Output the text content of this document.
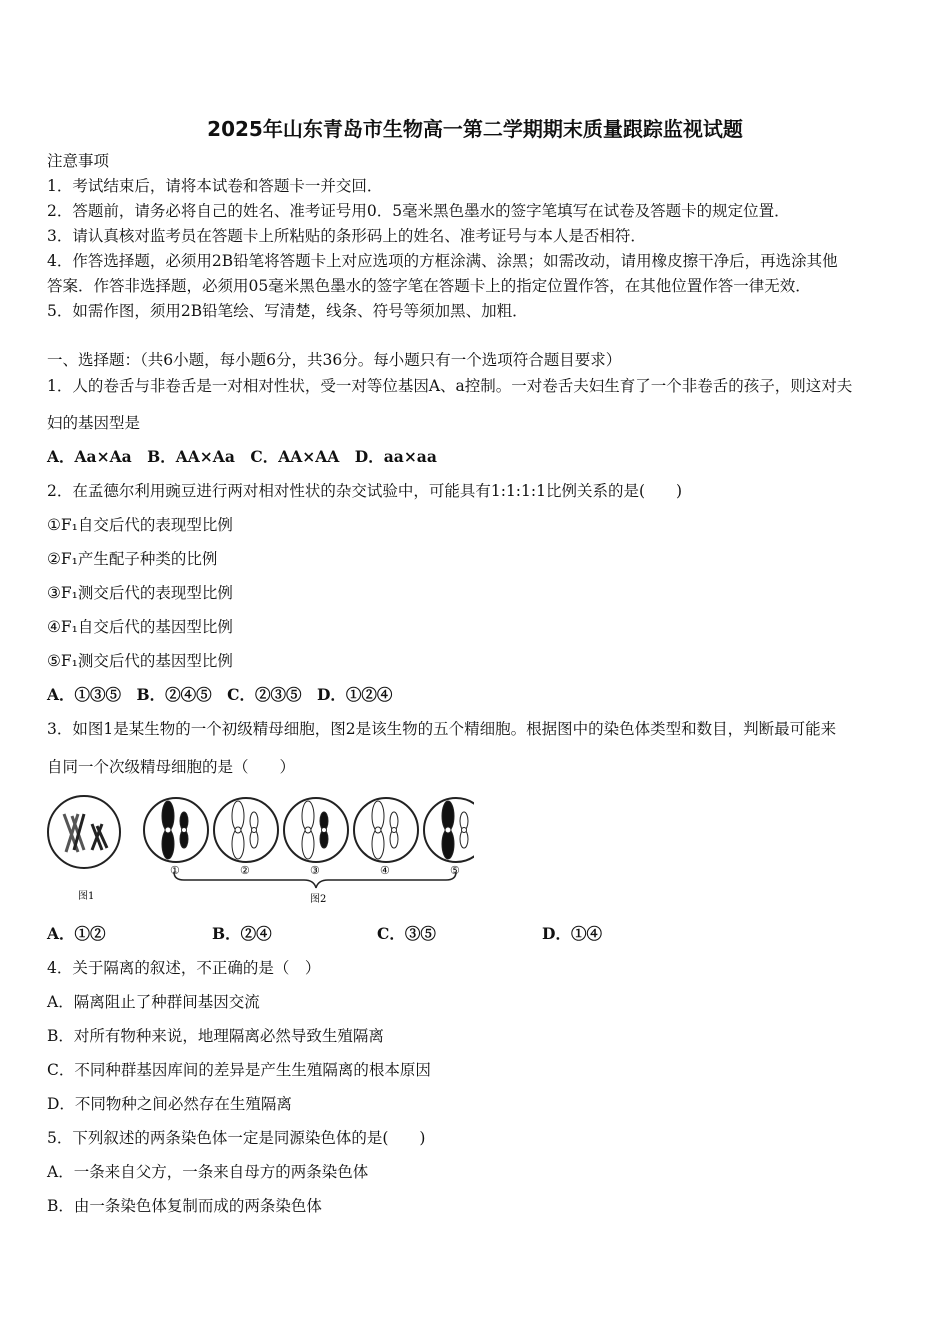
2025年山东青岛市生物高一第二学期期末质量跟踪监视试题
注意事项
1．考试结束后，请将本试卷和答题卡一并交回．
2．答题前，请务必将自己的姓名、准考证号用0．5毫米黑色墨水的签字笔填写在试卷及答题卡的规定位置．
3．请认真核对监考员在答题卡上所粘贴的条形码上的姓名、准考证号与本人是否相符．
4．作答选择题，必须用2B铅笔将答题卡上对应选项的方框涂满、涂黑；如需改动，请用橡皮擦干净后，再选涂其他
答案．作答非选择题，必须用05毫米黑色墨水的签字笔在答题卡上的指定位置作答，在其他位置作答一律无效．
5．如需作图，须用2B铅笔绘、写清楚，线条、符号等须加黑、加粗．
一、选择题：（共6小题，每小题6分，共36分。每小题只有一个选项符合题目要求）
1．人的卷舌与非卷舌是一对相对性状，受一对等位基因A、a控制。一对卷舌夫妇生育了一个非卷舌的孩子，则这对夫
妇的基因型是
A．Aa×Aa　B．AA×Aa　C．AA×AA　D．aa×aa
2．在孟德尔利用豌豆进行两对相对性状的杂交试验中，可能具有1:1:1:1比例关系的是(　　)
①F₁自交后代的表现型比例
②F₁产生配子种类的比例
③F₁测交后代的表现型比例
④F₁自交后代的基因型比例
⑤F₁测交后代的基因型比例
A．①③⑤　B．②④⑤　C．②③⑤　D．①②④
3．如图1是某生物的一个初级精母细胞，图2是该生物的五个精细胞。根据图中的染色体类型和数目，判断最可能来
自同一个次级精母细胞的是（　　）
图1
①	②	③	④	⑤
图2
A．①②	B．②④	C．③⑤	D．①④
4．关于隔离的叙述，不正确的是（　）
A．隔离阻止了种群间基因交流
B．对所有物种来说，地理隔离必然导致生殖隔离
C．不同种群基因库间的差异是产生生殖隔离的根本原因
D．不同物种之间必然存在生殖隔离
5．下列叙述的两条染色体一定是同源染色体的是(　　)
A．一条来自父方，一条来自母方的两条染色体
B．由一条染色体复制而成的两条染色体
